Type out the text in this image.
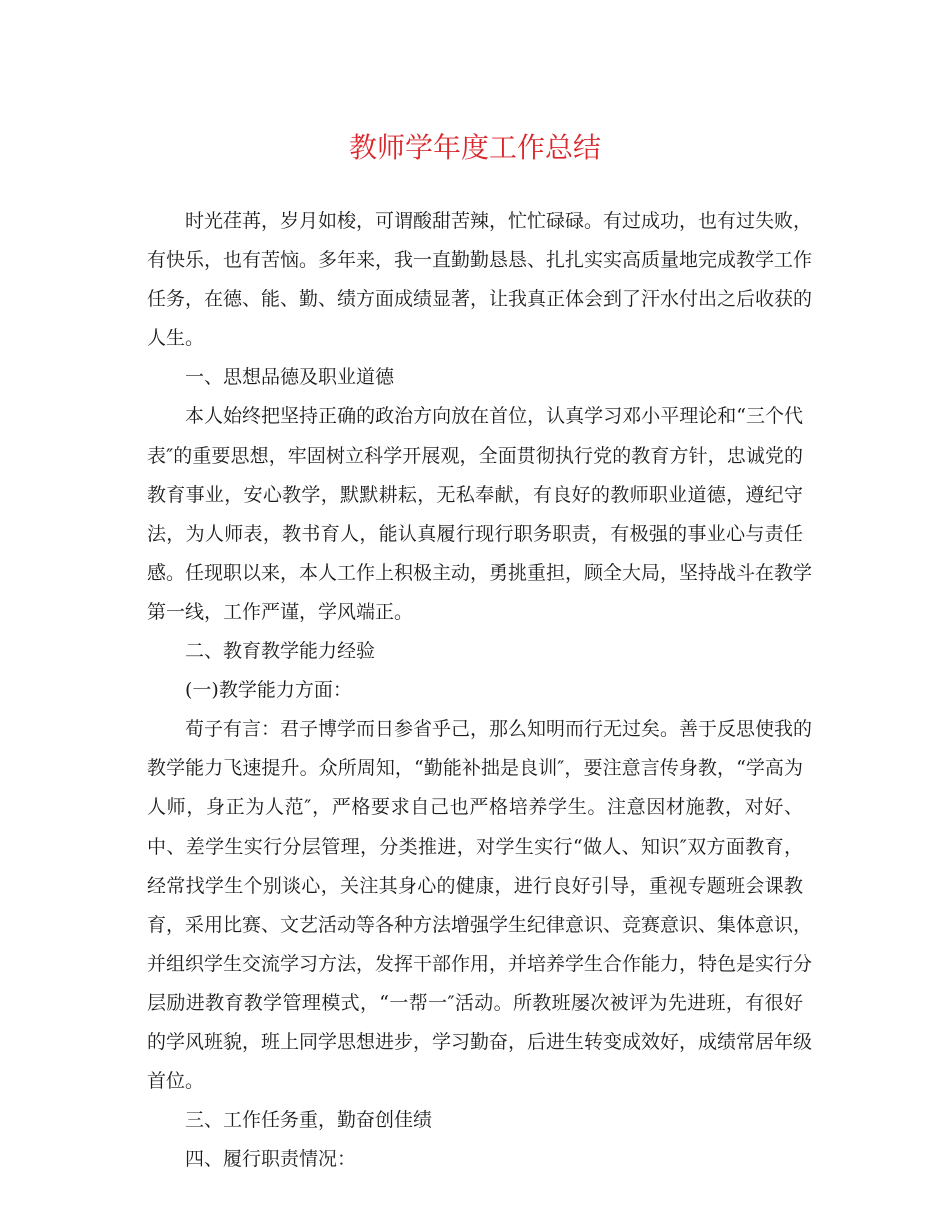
教师学年度工作总结
时光荏苒，岁月如梭，可谓酸甜苦辣，忙忙碌碌。有过成功，也有过失败，
有快乐，也有苦恼。多年来，我一直勤勤恳恳、扎扎实实高质量地完成教学工作
任务，在德、能、勤、绩方面成绩显著，让我真正体会到了汗水付出之后收获的
人生。
一、思想品德及职业道德
本人始终把坚持正确的政治方向放在首位，认真学习邓小平理论和“三个代
表″的重要思想，牢固树立科学开展观，全面贯彻执行党的教育方针，忠诚党的
教育事业，安心教学，默默耕耘，无私奉献，有良好的教师职业道德，遵纪守
法，为人师表，教书育人，能认真履行现行职务职责，有极强的事业心与责任
感。任现职以来，本人工作上积极主动，勇挑重担，顾全大局，坚持战斗在教学
第一线，工作严谨，学风端正。
二、教育教学能力经验
(一)教学能力方面：
荀子有言：君子博学而日参省乎己，那么知明而行无过矣。善于反思使我的
教学能力飞速提升。众所周知，“勤能补拙是良训″，要注意言传身教，“学高为
人师，身正为人范″，严格要求自己也严格培养学生。注意因材施教，对好、
中、差学生实行分层管理，分类推进，对学生实行“做人、知识″双方面教育，
经常找学生个别谈心，关注其身心的健康，进行良好引导，重视专题班会课教
育，采用比赛、文艺活动等各种方法增强学生纪律意识、竞赛意识、集体意识，
并组织学生交流学习方法，发挥干部作用，并培养学生合作能力，特色是实行分
层励进教育教学管理模式，“一帮一″活动。所教班屡次被评为先进班，有很好
的学风班貌，班上同学思想进步，学习勤奋，后进生转变成效好，成绩常居年级
首位。
三、工作任务重，勤奋创佳绩
四、履行职责情况：
